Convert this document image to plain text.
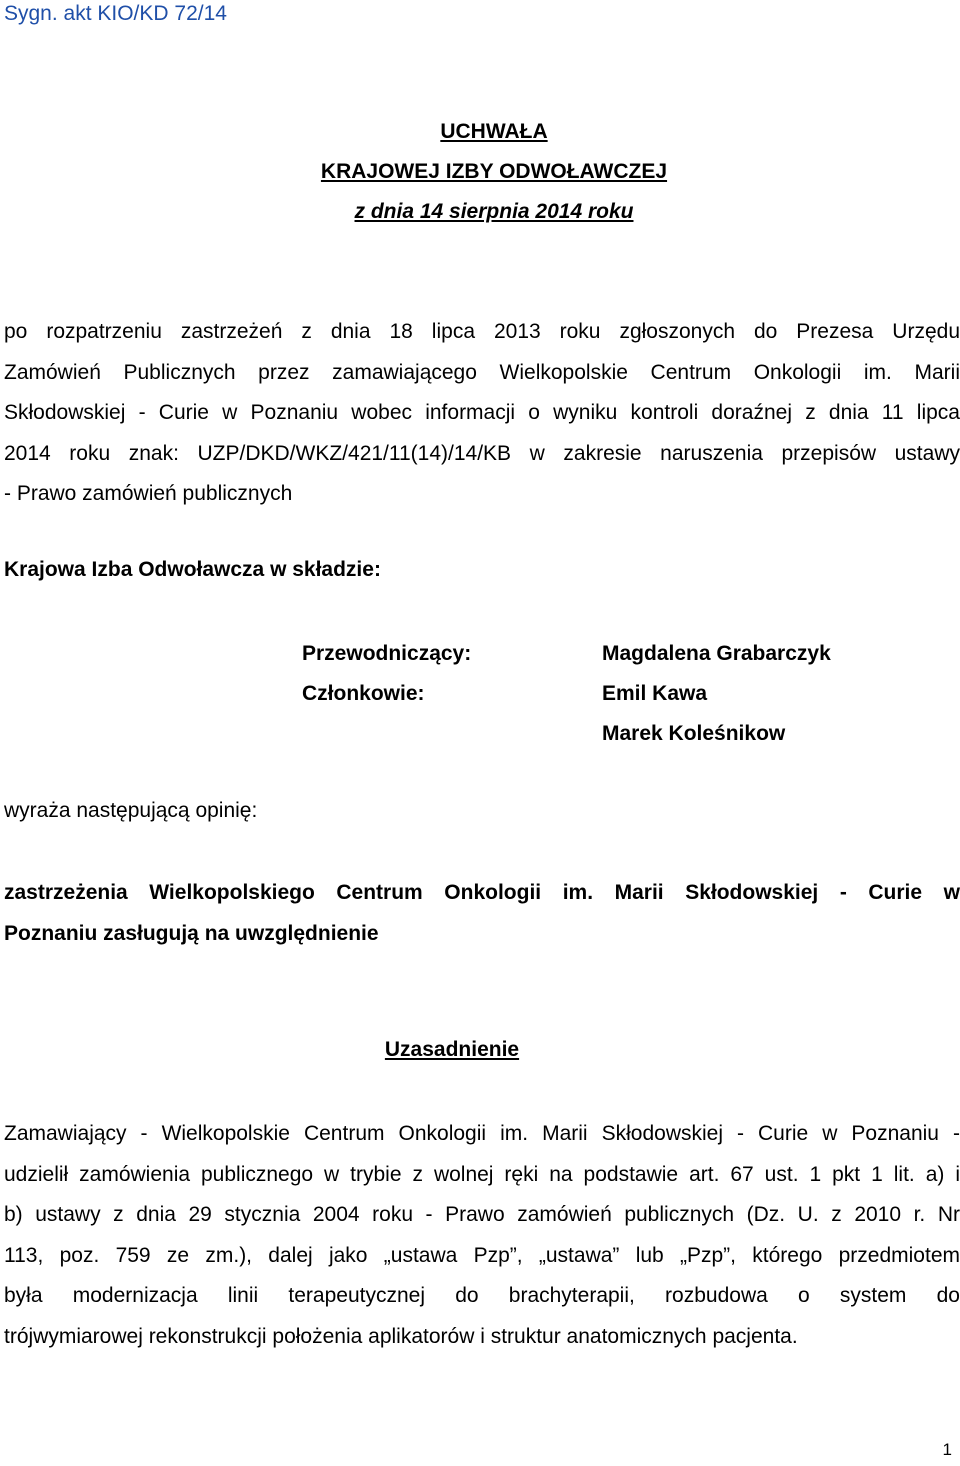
Sygn. akt KIO/KD 72/14
UCHWAŁA
KRAJOWEJ IZBY ODWOŁAWCZEJ
z dnia 14 sierpnia 2014 roku
po rozpatrzeniu zastrzeżeń z dnia 18 lipca 2013 roku zgłoszonych do Prezesa Urzędu
Zamówień Publicznych przez zamawiającego Wielkopolskie Centrum Onkologii im. Marii
Skłodowskiej - Curie w Poznaniu wobec informacji o wyniku kontroli doraźnej z dnia 11 lipca
2014 roku znak: UZP/DKD/WKZ/421/11(14)/14/KB w zakresie naruszenia przepisów ustawy
- Prawo zamówień publicznych
Krajowa Izba Odwoławcza w składzie:
Przewodniczący:	Magdalena Grabarczyk
Członkowie:	Emil Kawa
Marek Koleśnikow
wyraża następującą opinię:
zastrzeżenia Wielkopolskiego Centrum Onkologii im. Marii Skłodowskiej - Curie w
Poznaniu zasługują na uwzględnienie
Uzasadnienie
Zamawiający - Wielkopolskie Centrum Onkologii im. Marii Skłodowskiej - Curie w Poznaniu -
udzielił zamówienia publicznego w trybie z wolnej ręki na podstawie art. 67 ust. 1 pkt 1 lit. a) i
b) ustawy z dnia 29 stycznia 2004 roku - Prawo zamówień publicznych (Dz. U. z 2010 r. Nr
113, poz. 759 ze zm.), dalej jako „ustawa Pzp”, „ustawa” lub „Pzp”, którego przedmiotem
była modernizacja linii terapeutycznej do brachyterapii, rozbudowa o system do
trójwymiarowej rekonstrukcji położenia aplikatorów i struktur anatomicznych pacjenta.
1
